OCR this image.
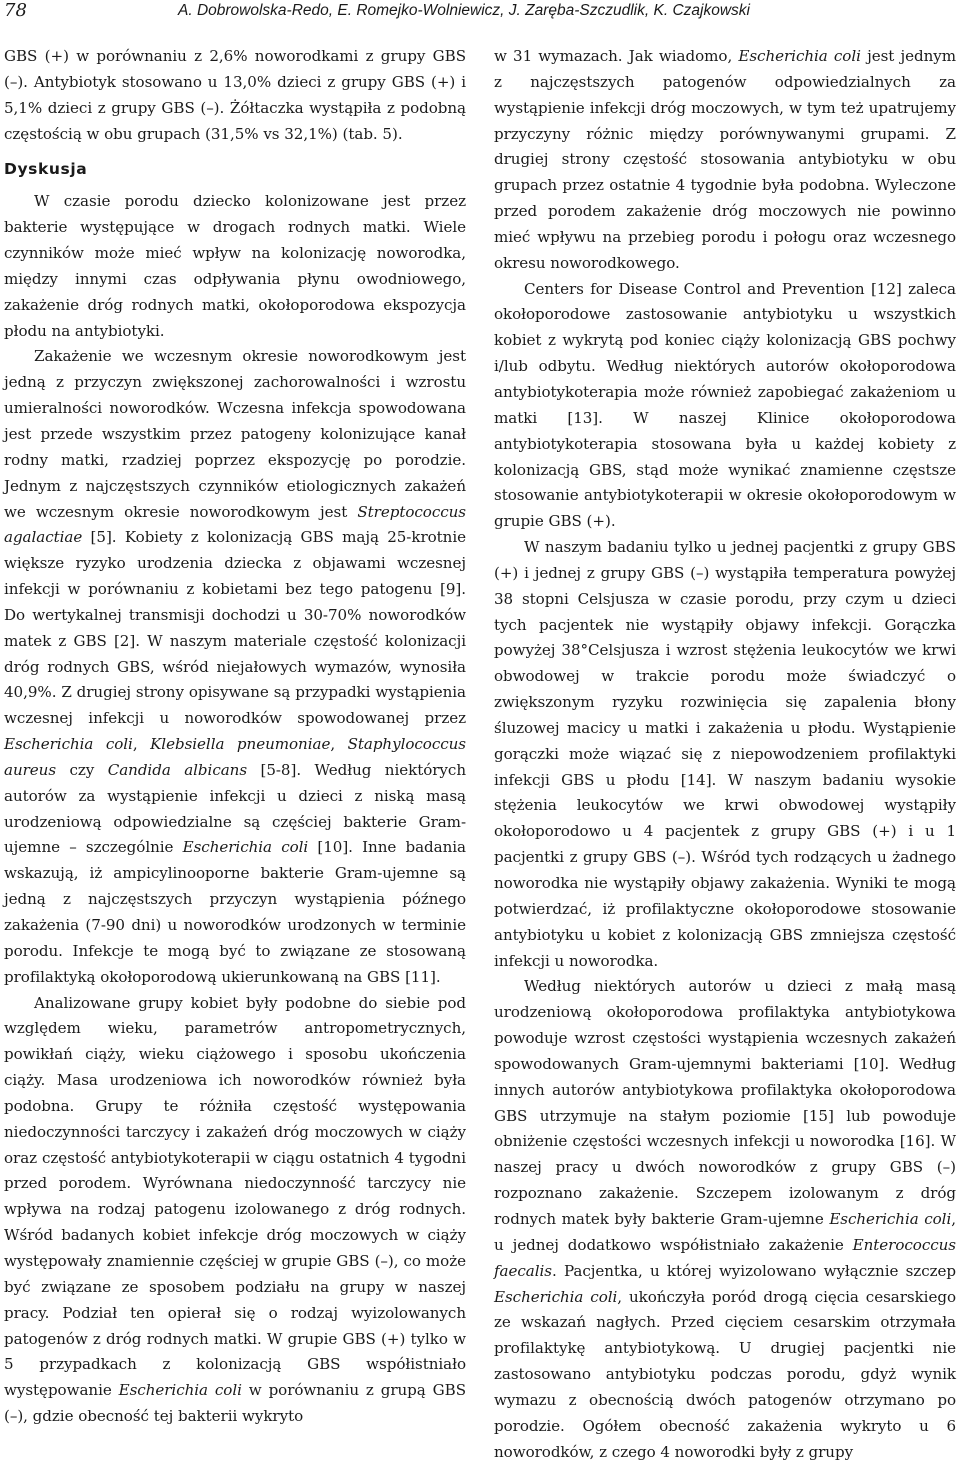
78	A. Dobrowolska-Redo, E. Romejko-Wolniewicz, J. Zaręba-Szczudlik, K. Czajkowski

GBS (+) w porównaniu z 2,6% noworodkami z grupy GBS (–). Antybiotyk stosowano u 13,0% dzieci z grupy GBS (+) i 5,1% dzieci z grupy GBS (–). Żółtaczka wystąpiła z podobną częstością w obu grupach (31,5% vs 32,1%) (tab. 5).

Dyskusja

W czasie porodu dziecko kolonizowane jest przez bakterie występujące w drogach rodnych matki. Wiele czynników może mieć wpływ na kolonizację noworodka, między innymi czas odpływania płynu owodniowego, zakażenie dróg rodnych matki, okołoporodowa ekspozycja płodu na antybiotyki.

Zakażenie we wczesnym okresie noworodkowym jest jedną z przyczyn zwiększonej zachorowalności i wzrostu umieralności noworodków. Wczesna infekcja spowodowana jest przede wszystkim przez patogeny kolonizujące kanał rodny matki, rzadziej poprzez ekspozycję po porodzie. Jednym z najczęstszych czynników etiologicznych zakażeń we wczesnym okresie noworodkowym jest Streptococcus agalactiae [5]. Kobiety z kolonizacją GBS mają 25-krotnie większe ryzyko urodzenia dziecka z objawami wczesnej infekcji w porównaniu z kobietami bez tego patogenu [9]. Do wertykalnej transmisji dochodzi u 30-70% noworodków matek z GBS [2]. W naszym materiale częstość kolonizacji dróg rodnych GBS, wśród niejałowych wymazów, wynosiła 40,9%. Z drugiej strony opisywane są przypadki wystąpienia wczesnej infekcji u noworodków spowodowanej przez Escherichia coli, Klebsiella pneumoniae, Staphylococcus aureus czy Candida albicans [5-8]. Według niektórych autorów za wystąpienie infekcji u dzieci z niską masą urodzeniową odpowiedzialne są częściej bakterie Gram-ujemne – szczególnie Escherichia coli [10]. Inne badania wskazują, iż ampicylinooporne bakterie Gram-ujemne są jedną z najczęstszych przyczyn wystąpienia późnego zakażenia (7-90 dni) u noworodków urodzonych w terminie porodu. Infekcje te mogą być to związane ze stosowaną profilaktyką okołoporodową ukierunkowaną na GBS [11].

Analizowane grupy kobiet były podobne do siebie pod względem wieku, parametrów antropometrycznych, powikłań ciąży, wieku ciążowego i sposobu ukończenia ciąży. Masa urodzeniowa ich noworodków również była podobna. Grupy te różniła częstość występowania niedoczynności tarczycy i zakażeń dróg moczowych w ciąży oraz częstość antybiotykoterapii w ciągu ostatnich 4 tygodni przed porodem. Wyrównana niedoczynność tarczycy nie wpływa na rodzaj patogenu izolowanego z dróg rodnych. Wśród badanych kobiet infekcje dróg moczowych w ciąży występowały znamiennie częściej w grupie GBS (–), co może być związane ze sposobem podziału na grupy w naszej pracy. Podział ten opierał się o rodzaj wyizolowanych patogenów z dróg rodnych matki. W grupie GBS (+) tylko w 5 przypadkach z kolonizacją GBS współistniało występowanie Escherichia coli w porównaniu z grupą GBS (–), gdzie obecność tej bakterii wykryto

w 31 wymazach. Jak wiadomo, Escherichia coli jest jednym z najczęstszych patogenów odpowiedzialnych za wystąpienie infekcji dróg moczowych, w tym też upatrujemy przyczyny różnic między porównywanymi grupami. Z drugiej strony częstość stosowania antybiotyku w obu grupach przez ostatnie 4 tygodnie była podobna. Wyleczone przed porodem zakażenie dróg moczowych nie powinno mieć wpływu na przebieg porodu i połogu oraz wczesnego okresu noworodkowego.

Centers for Disease Control and Prevention [12] zaleca okołoporodowe zastosowanie antybiotyku u wszystkich kobiet z wykrytą pod koniec ciąży kolonizacją GBS pochwy i/lub odbytu. Według niektórych autorów okołoporodowa antybiotykoterapia może również zapobiegać zakażeniom u matki [13]. W naszej Klinice okołoporodowa antybiotykoterapia stosowana była u każdej kobiety z kolonizacją GBS, stąd może wynikać znamienne częstsze stosowanie antybiotykoterapii w okresie okołoporodowym w grupie GBS (+).

W naszym badaniu tylko u jednej pacjentki z grupy GBS (+) i jednej z grupy GBS (–) wystąpiła temperatura powyżej 38 stopni Celsjusza w czasie porodu, przy czym u dzieci tych pacjentek nie wystąpiły objawy infekcji. Gorączka powyżej 38°Celsjusza i wzrost stężenia leukocytów we krwi obwodowej w trakcie porodu może świadczyć o zwiększonym ryzyku rozwinięcia się zapalenia błony śluzowej macicy u matki i zakażenia u płodu. Wystąpienie gorączki może wiązać się z niepowodzeniem profilaktyki infekcji GBS u płodu [14]. W naszym badaniu wysokie stężenia leukocytów we krwi obwodowej wystąpiły okołoporodowo u 4 pacjentek z grupy GBS (+) i u 1 pacjentki z grupy GBS (–). Wśród tych rodzących u żadnego noworodka nie wystąpiły objawy zakażenia. Wyniki te mogą potwierdzać, iż profilaktyczne okołoporodowe stosowanie antybiotyku u kobiet z kolonizacją GBS zmniejsza częstość infekcji u noworodka.

Według niektórych autorów u dzieci z małą masą urodzeniową okołoporodowa profilaktyka antybiotykowa powoduje wzrost częstości wystąpienia wczesnych zakażeń spowodowanych Gram-ujemnymi bakteriami [10]. Według innych autorów antybiotykowa profilaktyka okołoporodowa GBS utrzymuje na stałym poziomie [15] lub powoduje obniżenie częstości wczesnych infekcji u noworodka [16]. W naszej pracy u dwóch noworodków z grupy GBS (–) rozpoznano zakażenie. Szczepem izolowanym z dróg rodnych matek były bakterie Gram-ujemne Escherichia coli, u jednej dodatkowo współistniało zakażenie Enterococcus faecalis. Pacjentka, u której wyizolowano wyłącznie szczep Escherichia coli, ukończyła poród drogą cięcia cesarskiego ze wskazań nagłych. Przed cięciem cesarskim otrzymała profilaktykę antybiotykową. U drugiej pacjentki nie zastosowano antybiotyku podczas porodu, gdyż wynik wymazu z obecnością dwóch patogenów otrzymano po porodzie. Ogółem obecność zakażenia wykryto u 6 noworodków, z czego 4 noworodki były z grupy
